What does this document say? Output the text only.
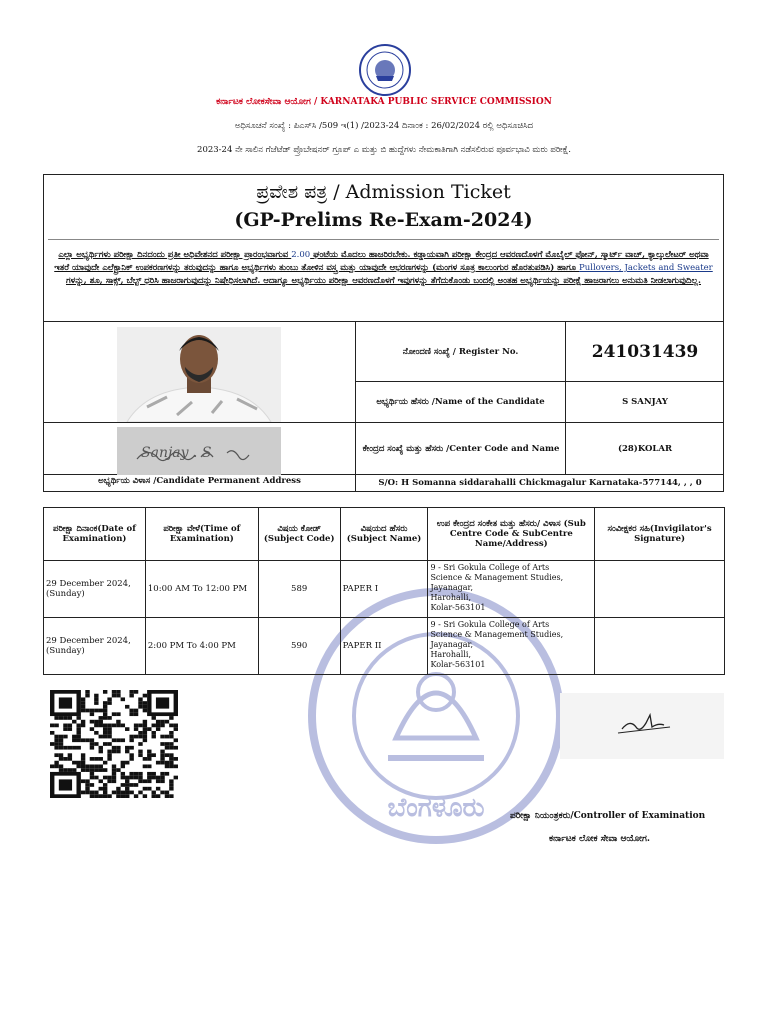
ಕರ್ನಾಟಕ ಲೋಕಸೇವಾ ಆಯೋಗ / KARNATAKA PUBLIC SERVICE COMMISSION
ಅಧಿಸೂಚನೆ ಸಂಖ್ಯೆ : ಪಿಎಸ್‌ಸಿ /509 ಇ(1) /2023-24 ದಿನಾಂಕ : 26/02/2024 ರಲ್ಲಿ ಅಧಿಸೂಚಿಸಿದ
2023-24 ನೇ ಸಾಲಿನ ಗೆಜೆಟೆಡ್ ಪ್ರೊಬೇಷನರ್ ಗ್ರೂಪ್ ಎ ಮತ್ತು ಬಿ ಹುದ್ದೆಗಳು ನೇಮಕಾತಿಗಾಗಿ ನಡೆಸಲಿರುವ ಪೂರ್ವಭಾವಿ ಮರು ಪರೀಕ್ಷೆ.
ಪ್ರವೇಶ ಪತ್ರ / Admission Ticket
(GP-Prelims Re-Exam-2024)
ಎಲ್ಲಾ ಅಭ್ಯರ್ಥಿಗಳು ಪರೀಕ್ಷಾ ದಿನದಂದು ಪ್ರತೀ ಅಧಿವೇಶನದ ಪರೀಕ್ಷಾ ಪ್ರಾರಂಭವಾಗುವ 2.00 ಘಂಟೆಯ ಮೊದಲು ಹಾಜರಿರಬೇಕು. ಕಡ್ಡಾಯವಾಗಿ ಪರೀಕ್ಷಾ ಕೇಂದ್ರದ ಆವರಣದೊಳಗೆ ಮೊಬೈಲ್ ಫೋನ್, ಸ್ಮಾರ್ಟ್ ವಾಚ್, ಕ್ಯಾಲ್ಕುಲೇಟರ್ ಅಥವಾ ಇತರೆ ಯಾವುದೇ ಎಲೆಕ್ಟ್ರಾನಿಕ್ ಉಪಕರಣಗಳನ್ನು ತರುವುದನ್ನು ಹಾಗೂ ಅಭ್ಯರ್ಥಿಗಳು ತುಂಬು ತೋಳಿನ ವಸ್ತ್ರ ಮತ್ತು ಯಾವುದೇ ಆಭರಣಗಳನ್ನು (ಮಂಗಳ ಸೂತ್ರ ಕಾಲುಂಗುರ ಹೊರತುಪಡಿಸಿ) ಹಾಗೂ Pullovers, Jackets and Sweater ಗಳನ್ನು, ಶೂ, ಸಾಕ್ಸ್, ಬೆಲ್ಟ್ ಧರಿಸಿ ಹಾಜರಾಗುವುದನ್ನು ನಿಷೇಧಿಸಲಾಗಿದೆ. ಆದಾಗ್ಯೂ ಅಭ್ಯರ್ಥಿಯು ಪರೀಕ್ಷಾ ಆವರಣದೊಳಗೆ ಇವುಗಳನ್ನು ತೆಗೆದುಕೊಂಡು ಬಂದಲ್ಲಿ ಅಂತಹ ಅಭ್ಯರ್ಥಿಯನ್ನು ಪರೀಕ್ಷೆ ಹಾಜರಾಗಲು ಅನುಮತಿ ನೀಡಲಾಗುವುದಿಲ್ಲ.
Sanjay . S
ನೋಂದಣಿ ಸಂಖ್ಯೆ / Register No.	241031439
ಅಭ್ಯರ್ಥಿಯ ಹೆಸರು /Name of the Candidate	S SANJAY
ಕೇಂದ್ರದ ಸಂಖ್ಯೆ ಮತ್ತು ಹೆಸರು /Center Code and Name	(28)KOLAR
ಅಭ್ಯರ್ಥಿಯ ವಿಳಾಸ /Candidate Permanent Address	S/O: H Somanna siddarahalli Chickmagalur Karnataka-577144, , , 0
ಬೆಂಗಳೂರು
ಪರೀಕ್ಷಾ ದಿನಾಂಕ(Date of Examination)	ಪರೀಕ್ಷಾ ವೇಳೆ(Time of Examination)	ವಿಷಯ ಕೋಡ್ (Subject Code)	ವಿಷಯದ ಹೆಸರು (Subject Name)	ಉಪ ಕೇಂದ್ರದ ಸಂಕೇತ ಮತ್ತು ಹೆಸರು/ ವಿಳಾಸ (Sub Centre Code & SubCentre Name/Address)	ಸಂವೀಕ್ಷಕರ ಸಹಿ(Invigilator's Signature)
29 December 2024,(Sunday)	10:00 AM To 12:00 PM	589	PAPER I	9 - Sri Gokula College of Arts
Science & Management Studies,
Jayanagar,
Harohalli,
Kolar-563101	

29 December 2024,(Sunday)	2:00 PM To 4:00 PM	590	PAPER II	9 - Sri Gokula College of Arts
Science & Management Studies,
Jayanagar,
Harohalli,
Kolar-563101	

ಪರೀಕ್ಷಾ ನಿಯಂತ್ರಕರು/Controller of Examination
ಕರ್ನಾಟಕ ಲೋಕ ಸೇವಾ ಆಯೋಗ.
